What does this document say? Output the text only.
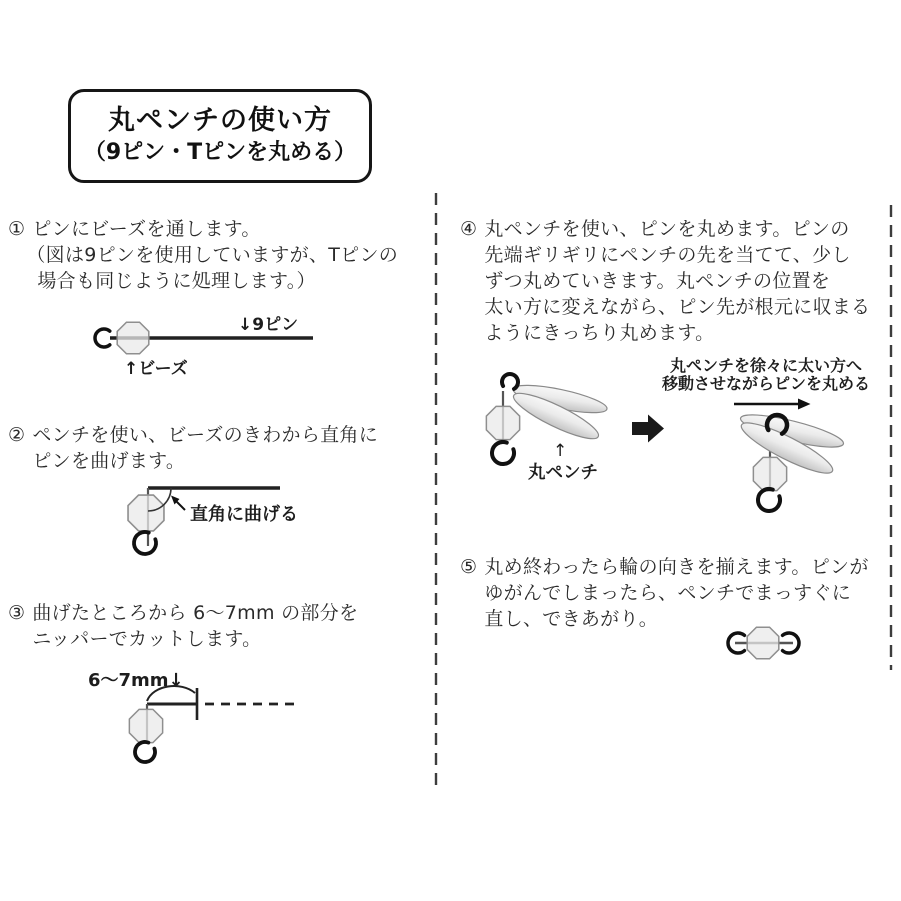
丸ペンチの使い方
（9ピン・Tピンを丸める）
① ピンにビーズを通します。
（図は9ピンを使用していますが、Tピンの
場合も同じように処理します。）
↓9ピン
↑ビーズ
② ペンチを使い、ビーズのきわから直角に
ピンを曲げます。
直角に曲げる
③ 曲げたところから 6～7mm の部分を
ニッパーでカットします。
6～7mm↓
④ 丸ペンチを使い、ピンを丸めます。ピンの
先端ギリギリにペンチの先を当てて、少し
ずつ丸めていきます。丸ペンチの位置を
太い方に変えながら、ピン先が根元に収まる
ようにきっちり丸めます。
↑
丸ペンチ
丸ペンチを徐々に太い方へ
移動させながらピンを丸める
⑤ 丸め終わったら輪の向きを揃えます。ピンが
ゆがんでしまったら、ペンチでまっすぐに
直し、できあがり。
